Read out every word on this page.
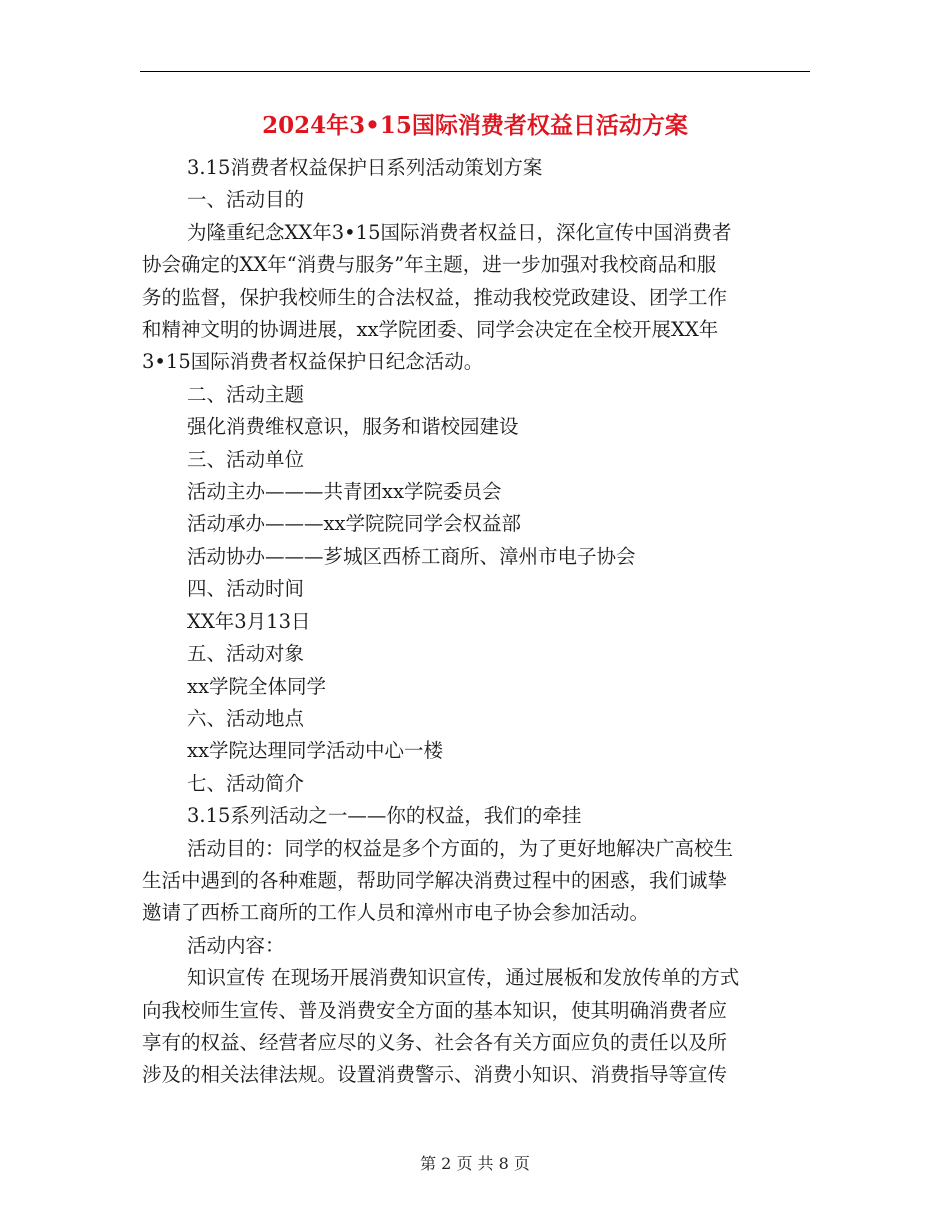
2024年3•15国际消费者权益日活动方案

3.15消费者权益保护日系列活动策划方案

一、活动目的

为隆重纪念XX年3•15国际消费者权益日，深化宣传中国消费者

协会确定的XX年“消费与服务”年主题，进一步加强对我校商品和服

务的监督，保护我校师生的合法权益，推动我校党政建设、团学工作

和精神文明的协调进展，xx学院团委、同学会决定在全校开展XX年

3•15国际消费者权益保护日纪念活动。

二、活动主题

强化消费维权意识，服务和谐校园建设

三、活动单位

活动主办———共青团xx学院委员会

活动承办———xx学院院同学会权益部

活动协办———芗城区西桥工商所、漳州市电子协会

四、活动时间

XX年3月13日

五、活动对象

xx学院全体同学

六、活动地点

xx学院达理同学活动中心一楼

七、活动简介

3.15系列活动之一——你的权益，我们的牵挂

活动目的：同学的权益是多个方面的，为了更好地解决广高校生

生活中遇到的各种难题，帮助同学解决消费过程中的困惑，我们诚挚

邀请了西桥工商所的工作人员和漳州市电子协会参加活动。

活动内容：

知识宣传 在现场开展消费知识宣传，通过展板和发放传单的方式

向我校师生宣传、普及消费安全方面的基本知识，使其明确消费者应

享有的权益、经营者应尽的义务、社会各有关方面应负的责任以及所

涉及的相关法律法规。设置消费警示、消费小知识、消费指导等宣传

第 2 页 共 8 页
